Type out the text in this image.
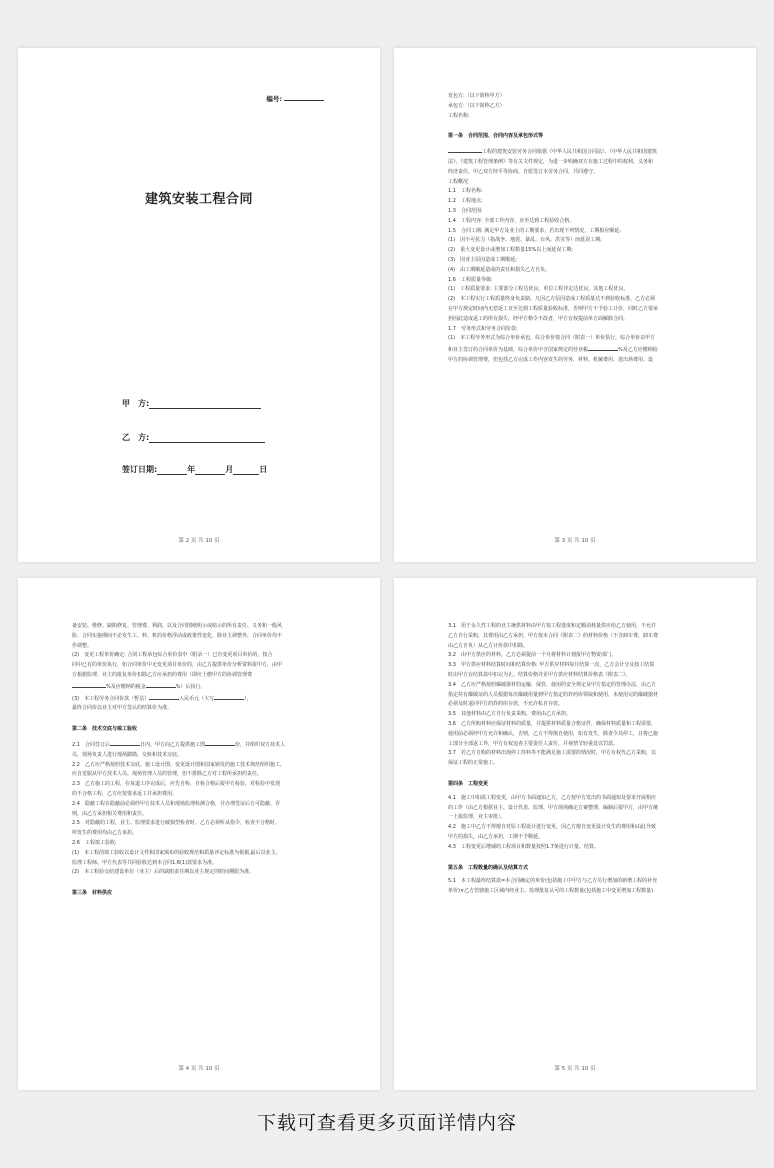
编号:
建筑安装工程合同
甲　方:
乙　方:
签订日期:	年	月	日
第 2 页 共 10 页

发包方:（以下简称甲方）

承包方:（以下简称乙方）

工程名称:

第一条　合同范围、合同内容及承包形式等

工程的建筑安装劳务合同依据《中华人民共和国合同法》、《中华人民共和国建筑

法》、《建筑工程管理条例》等有关文件规定，为进一步明确双方在施工过程中的权利、义务和

经济责任，甲乙双方经平等协商，自愿签订本劳务合同，共同遵守。

工程概况

1.1　工程名称:

1.2　工程地点:

1.3　合同范围:

1.4　工程内容: 全部工作内容，直至达到工程验收合格。

1.5　合同工期: 满足甲方及业主的工期要求，若出现下列情况，工期相应顺延:

(1)　因不可抗力（指战争、地震、暴乱、台风、洪灾等）而延误工期;

(2)　重大变更设计或增加工程数量15%以上而延误工期;

(3)　因业主原因造成工期顺延;

(4)　由工期顺延造成的责任和损失乙方自负。

1.6　工程质量等级:

(1)　工程质量要求: 主要部分工程达优良，单位工程评定达优良，其他工程优良。

(2)　本工程实行工程质量终身负责制，凡因乙方原因造成工程质量达不到验收标准，乙方必须

在甲方规定时间内无偿返工直至达到工程质量验收标准，否则甲方不予验工计价，同时乙方要承

担因此造成返工的所有损失、经甲方勒令不改者，甲方有权提前单方面解除合同。

1.7　劳务形式和劳务合同价款:

(1)　本工程劳务形式为综合单价承包，综合单价按合同（附表一）单价执行，综合单价以甲方

和业主签订的合同单价为基础，综合单价中含国家规定的营业税	%及乙方应缴纳给

甲方的协调管理费，但包括乙方完成工作内容发生的劳务、材料、机械费用、进出场费用、设

第 3 页 共 10 页

备安装、维修、缺陷修复、管理费、利润，以及合同图纸明示或暗示的所有责任、义务和一般风

险、合同实施期间不论发生工、料、机的价格浮动或政策性变化，除业主调整外，合同单价均不

作调整。

(2)　变更工程单价确定: 合同工程承包综合单价表中（附录一）已有变更项目单价的，按合

同中已有的单价执行，如合同单价中无变更项目单价的，由乙方提供单价分析资料报甲方，由甲

方根据监理、业主的批复单价扣除乙方应承担的费用（即应上缴甲方的协调管理费

%及应缴纳的税金	%）后执行。

(3)　本工程劳务合同价款（暂估）	人民币元（大写	），

最终合同价以业主对甲方签认的结算价为准。

第二条　技术交底与竣工验收

2.1　合同签订后	日内，甲方向乙方提供施工图	份，并组织双方技术人

员，现场负责人进行现场踏勘，交桩和技术交底。

2.2　乙方应严格按照技术交底、施工设计图、变更设计图和国家颁发的施工技术规范组织施工，

应自觉服从甲方技术人员、现场管理人员的管理，但不排除乙方对工程所承担的责任。

2.3　乙方施工的工程，在每道工序完成后，应先自检，自检合格后报甲方检验，对检验中发现

的不合格工程，乙方应按要求返工并承担费用。

2.4　隐蔽工程在隐蔽前必须经甲方技术人员和现场监理检测合格，并办理签证后方可隐蔽，否

则，由乙方承担相关费用和责任。

2.5　对隐蔽的工程，业主、监理要求进行破损型检查时，乙方必须听从指令，检查不合格时，

所发生的费用均由乙方承担。

2.6　工程竣工验收:

(1)　本工程的竣工验收以设计文件和国家颁布的验收规范和质量评定标准为依据,最后以业主、

监理工程师、甲方代表等共同验收达到本合同1.6(1)款要求为准。

(2)　本工程验交给建设单位（业主）后的缺陷责任期以业主规定的时间期限为准。

第三条　材料供应

第 4 页 共 10 页

3.1　用于永久性工程的业主统供材料由甲方按工程进度和定额消耗量供应给乙方使用，不允许

乙方自行采购，其费用由乙方承担，甲方按本合同《附表二》的材料价格（不含卸车费，卸车费

由乙方自负）从乙方计价款中扣除。

3.2　由甲方供应的材料，乙方必须提前一个月将材料计划报甲方物资部门。

3.3　甲方供应材料结算时间和结算价格: 甲方供应材料每月结算一次，乙方会计分及按工结算

时由甲方在结算款中扣完为止。结算价格详见甲方供应材料结算价格表《附表二》。

3.4　乙方应严格按照爆破器材的运输、保管、使用的安全规定及甲方指定的管理办法，由乙方

指定持有爆破证的人员根据每次爆破用量到甲方指定的炸药库领取和使用，未使用完的爆破器材

必须及时退回甲方的炸药库存放，不允许私自存放。

3.5　其他材料由乙方自行负责采购，费用由乙方承担。

3.6　乙方所购材料应保证材料的质量，并提供材料质量合格证件，确保材料质量和工程需要，

使用前必须经甲方允许和确认，否则，乙方不得擅自使用，如有发生，除查令其停工，且将已施

工部分全部返工外，甲方有权追查主要责任人责任，并视情节轻重处以罚款。

3.7　若乙方自购的材料出现停工待料等不能满足施工需要的情况时，甲方有权代乙方采购，以

保证工程的正常施工。

第四条　工程变更

4.1　施工中如需工程变更，由甲方书面通知乙方，乙方按甲方发出的书面通知及要求开展相应

的工作（由乙方根据业主、设计代表、监理、甲方现场确定方案整理、编制后报甲方，由甲方统

一上报监理、业主审批）。

4.2　施工中乙方不得擅自对原工程设计进行变更，因乙方擅自变更设计发生的费用和由此导致

甲方的损失，由乙方承担，工期不予顺延。

4.3　工程变更后增减的工程项目和数量按照1.7条进行计量、结算。

第五条　工程数量的确认及结算方式

5.1　本工程最终结算款=本合同确定的单价(包括施工中甲方与乙方另行增加的新增工程的补充

单价)×乙方管辖施工区域内经业主、监理批复认可的工程数量(包括施工中变更增加工程数量)

第 5 页 共 10 页
下载可查看更多页面详情内容
